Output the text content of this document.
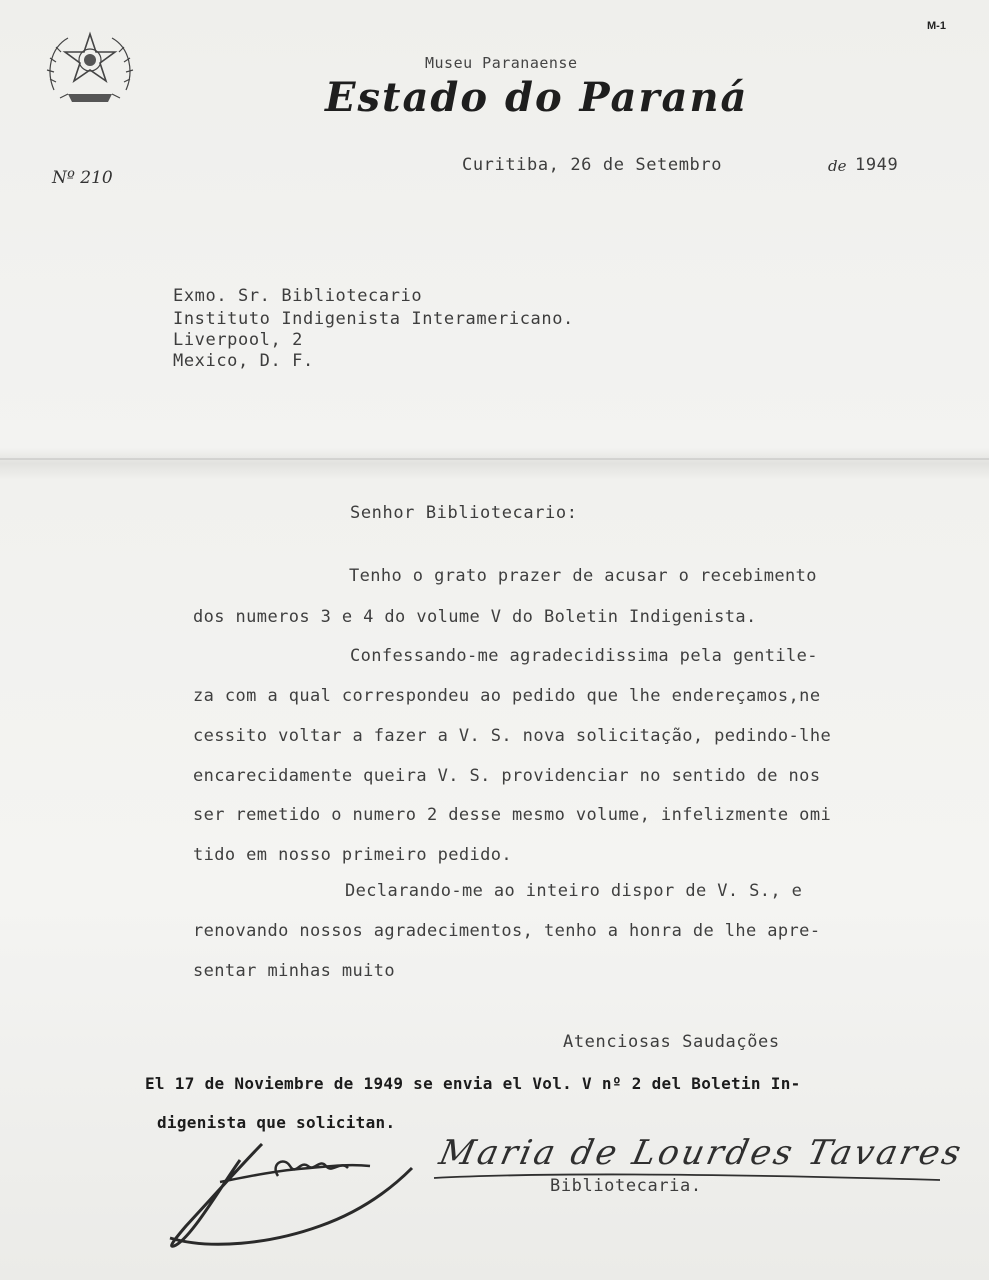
M-1
Museu Paranaense
Estado do Paraná
Nº 210
Curitiba, 26 de Setembro	de 1949
Exmo. Sr. Bibliotecario
Instituto Indigenista Interamericano.
Liverpool, 2
Mexico, D. F.
Senhor Bibliotecario:
Tenho o grato prazer de acusar o recebimento
dos numeros 3 e 4 do volume V do Boletin Indigenista.
Confessando-me agradecidissima pela gentile-
za com a qual correspondeu ao pedido que lhe endereçamos,ne
cessito voltar a fazer a V. S. nova solicitação, pedindo-lhe
encarecidamente queira V. S. providenciar no sentido de nos
ser remetido o numero 2 desse mesmo volume, infelizmente omi
tido em nosso primeiro pedido.
Declarando-me ao inteiro dispor de V. S., e
renovando nossos agradecimentos, tenho a honra de lhe apre-
sentar minhas muito
Atenciosas Saudações
El 17 de Noviembre de 1949 se envia el Vol. V nº 2 del Boletin In-
digenista que solicitan.
Maria de Lourdes Tavares
Bibliotecaria.
